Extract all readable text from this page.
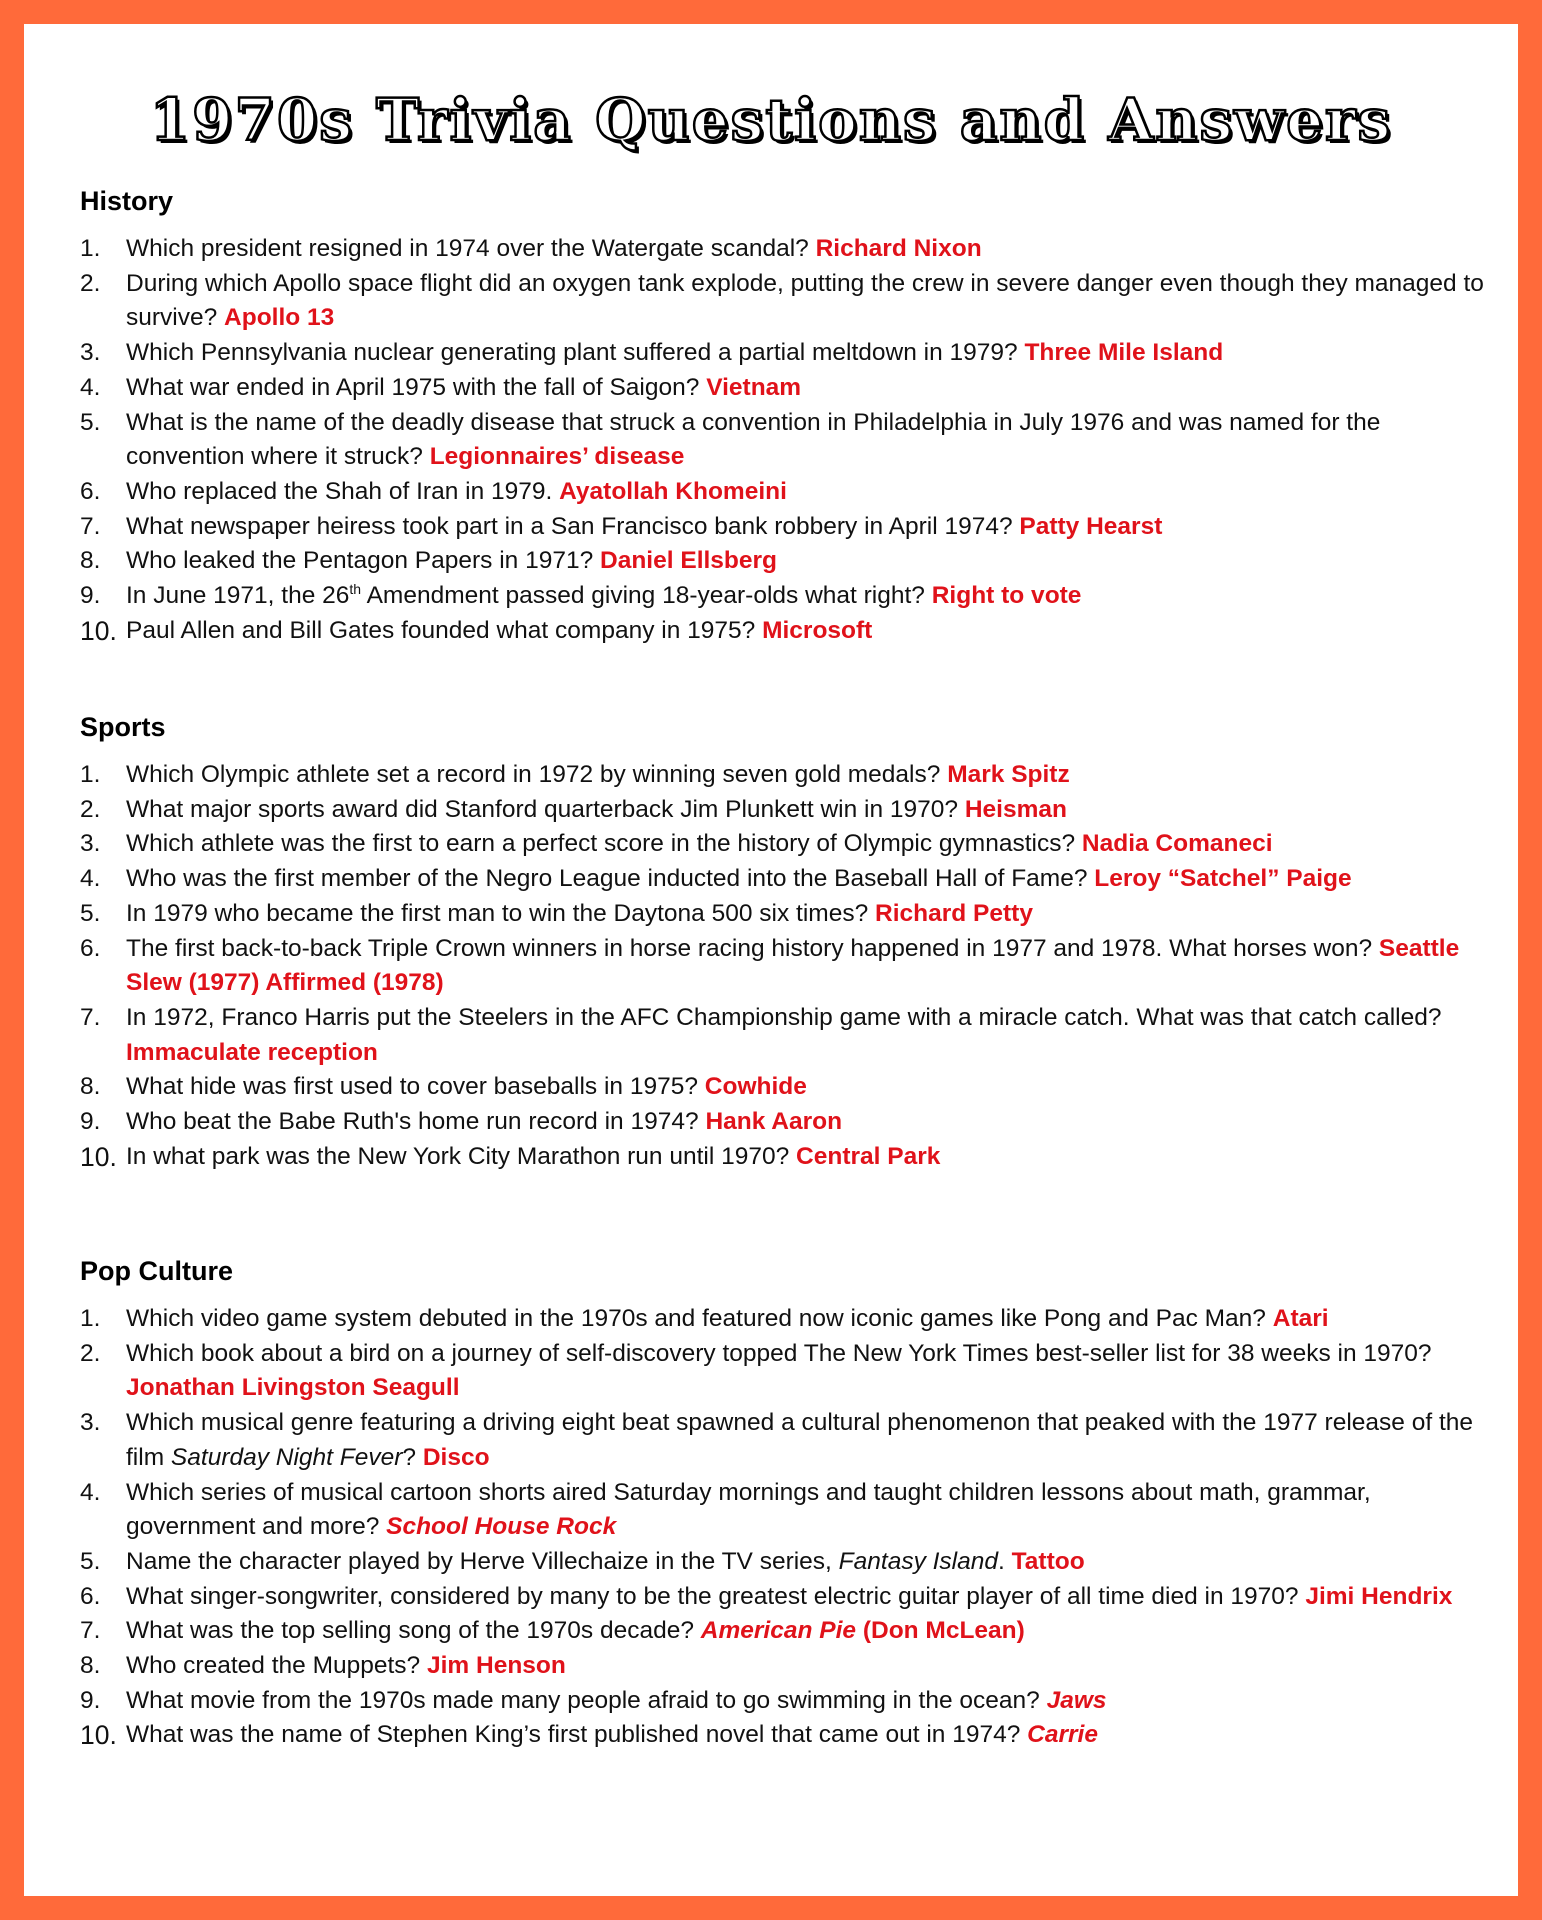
1970s Trivia Questions and Answers
History
1. Which president resigned in 1974 over the Watergate scandal? Richard Nixon
2. During which Apollo space flight did an oxygen tank explode, putting the crew in severe danger even though they managed to survive? Apollo 13
3. Which Pennsylvania nuclear generating plant suffered a partial meltdown in 1979? Three Mile Island
4. What war ended in April 1975 with the fall of Saigon? Vietnam
5. What is the name of the deadly disease that struck a convention in Philadelphia in July 1976 and was named for the convention where it struck? Legionnaires’ disease
6. Who replaced the Shah of Iran in 1979. Ayatollah Khomeini
7. What newspaper heiress took part in a San Francisco bank robbery in April 1974? Patty Hearst
8. Who leaked the Pentagon Papers in 1971? Daniel Ellsberg
9. In June 1971, the 26th Amendment passed giving 18-year-olds what right? Right to vote
10. Paul Allen and Bill Gates founded what company in 1975? Microsoft
Sports
1. Which Olympic athlete set a record in 1972 by winning seven gold medals? Mark Spitz
2. What major sports award did Stanford quarterback Jim Plunkett win in 1970? Heisman
3. Which athlete was the first to earn a perfect score in the history of Olympic gymnastics? Nadia Comaneci
4. Who was the first member of the Negro League inducted into the Baseball Hall of Fame? Leroy “Satchel” Paige
5. In 1979 who became the first man to win the Daytona 500 six times? Richard Petty
6. The first back-to-back Triple Crown winners in horse racing history happened in 1977 and 1978. What horses won? Seattle Slew (1977) Affirmed (1978)
7. In 1972, Franco Harris put the Steelers in the AFC Championship game with a miracle catch. What was that catch called? Immaculate reception
8. What hide was first used to cover baseballs in 1975? Cowhide
9. Who beat the Babe Ruth's home run record in 1974? Hank Aaron
10. In what park was the New York City Marathon run until 1970? Central Park
Pop Culture
1. Which video game system debuted in the 1970s and featured now iconic games like Pong and Pac Man? Atari
2. Which book about a bird on a journey of self-discovery topped The New York Times best-seller list for 38 weeks in 1970? Jonathan Livingston Seagull
3. Which musical genre featuring a driving eight beat spawned a cultural phenomenon that peaked with the 1977 release of the film Saturday Night Fever? Disco
4. Which series of musical cartoon shorts aired Saturday mornings and taught children lessons about math, grammar, government and more? School House Rock
5. Name the character played by Herve Villechaize in the TV series, Fantasy Island. Tattoo
6. What singer-songwriter, considered by many to be the greatest electric guitar player of all time died in 1970? Jimi Hendrix
7. What was the top selling song of the 1970s decade? American Pie (Don McLean)
8. Who created the Muppets? Jim Henson
9. What movie from the 1970s made many people afraid to go swimming in the ocean? Jaws
10. What was the name of Stephen King’s first published novel that came out in 1974? Carrie
